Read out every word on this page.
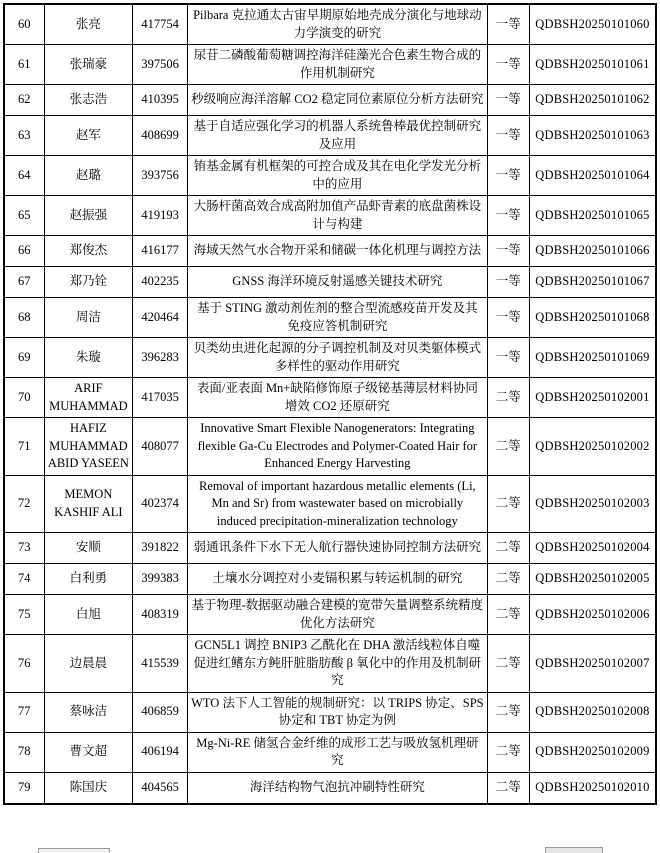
60	张亮	417754	Pilbara 克拉通太古宙早期原始地壳成分演化与地球动力学演变的研究	一等	QDBSH20250101060
61	张瑞豪	397506	尿苷二磷酸葡萄糖调控海洋硅藻光合色素生物合成的作用机制研究	一等	QDBSH20250101061
62	张志浩	410395	秒级响应海洋溶解 CO2 稳定同位素原位分析方法研究	一等	QDBSH20250101062
63	赵军	408699	基于自适应强化学习的机器人系统鲁棒最优控制研究及应用	一等	QDBSH20250101063
64	赵璐	393756	铕基金属有机框架的可控合成及其在电化学发光分析中的应用	一等	QDBSH20250101064
65	赵振强	419193	大肠杆菌高效合成高附加值产品虾青素的底盘菌株设计与构建	一等	QDBSH20250101065
66	郑俊杰	416177	海域天然气水合物开采和储碳一体化机理与调控方法	一等	QDBSH20250101066
67	郑乃铨	402235	GNSS 海洋环境反射遥感关键技术研究	一等	QDBSH20250101067
68	周洁	420464	基于 STING 激动剂佐剂的整合型流感疫苗开发及其免疫应答机制研究	一等	QDBSH20250101068
69	朱璇	396283	贝类幼虫进化起源的分子调控机制及对贝类躯体模式多样性的驱动作用研究	一等	QDBSH20250101069
70	ARIF MUHAMMAD	417035	表面/亚表面 Mn+缺陷修饰原子级铋基薄层材料协同增效 CO2 还原研究	二等	QDBSH20250102001
71	HAFIZ MUHAMMAD ABID YASEEN	408077	Innovative Smart Flexible Nanogenerators: Integrating flexible Ga-Cu Electrodes and Polymer-Coated Hair for Enhanced Energy Harvesting	二等	QDBSH20250102002
72	MEMON KASHIF ALI	402374	Removal of important hazardous metallic elements (Li, Mn and Sr) from wastewater based on microbially induced precipitation-mineralization technology	二等	QDBSH20250102003
73	安顺	391822	弱通讯条件下水下无人航行器快速协同控制方法研究	二等	QDBSH20250102004
74	白利勇	399383	土壤水分调控对小麦镉积累与转运机制的研究	二等	QDBSH20250102005
75	白旭	408319	基于物理-数据驱动融合建模的宽带矢量调整系统精度优化方法研究	二等	QDBSH20250102006
76	边晨晨	415539	GCN5L1 调控 BNIP3 乙酰化在 DHA 激活线粒体自噬促进红鳍东方鲀肝脏脂肪酸 β 氧化中的作用及机制研究	二等	QDBSH20250102007
77	蔡咏洁	406859	WTO 法下人工智能的规制研究：以 TRIPS 协定、SPS 协定和 TBT 协定为例	二等	QDBSH20250102008
78	曹文超	406194	Mg-Ni-RE 储氢合金纤维的成形工艺与吸放氢机理研究	二等	QDBSH20250102009
79	陈国庆	404565	海洋结构物气泡抗冲刷特性研究	二等	QDBSH20250102010
